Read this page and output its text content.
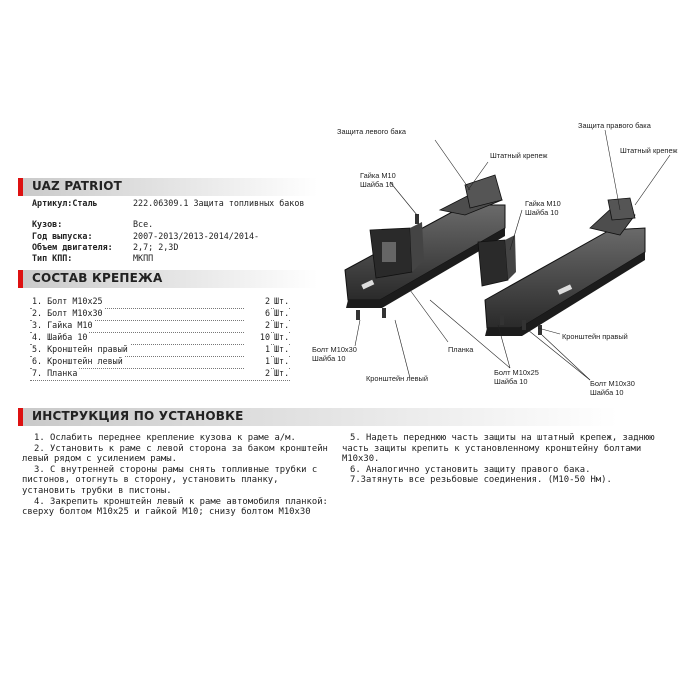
UAZ PATRIOT
Артикул:Сталь	222.06309.1 Защита топливных баков
Кузов:	Все.
Год выпуска:	2007-2013/2013-2014/2014-
Объем двигателя: 2,7; 2,3D
Тип КПП:	МКПП
СОСТАВ КРЕПЕЖА
1. Болт М10х25	2 Шт.
2. Болт М10х30	6 Шт.
3. Гайка М10	2 Шт.
4. Шайба 10	10 Шт.
5. Кронштейн правый	1 Шт.
6. Кронштейн левый	1 Шт.
7. Планка	2 Шт.
Защита левого бака
Защита правого бака
Штатный крепеж
Штатный крепеж
Гайка М10
Шайба 10
Гайка М10
Шайба 10
Болт М10х30
Шайба 10
Планка
Кронштейн левый
Кронштейн правый
Болт М10х25
Шайба 10	Болт М10х30
Шайба 10
ИНСТРУКЦИЯ ПО УСТАНОВКЕ

1. Ослабить переднее крепление кузова к раме а/м.

2. Установить к раме с левой сторона за баком кронштейн левый рядом с усилением рамы.

3. С внутренней стороны рамы снять топливные трубки с пистонов, отогнуть в сторону, установить планку, установить трубки в пистоны.

4. Закрепить кронштейн левый к раме автомобиля планкой: сверху болтом М10х25 и гайкой М10; снизу болтом М10х30

5. Надеть переднюю часть защиты на штатный крепеж, заднюю часть защиты крепить к установленному кронштейну болтами М10х30.

6. Аналогично установить защиту правого бака.

7.Затянуть все резьбовые соединения. (М10-50 Нм).
